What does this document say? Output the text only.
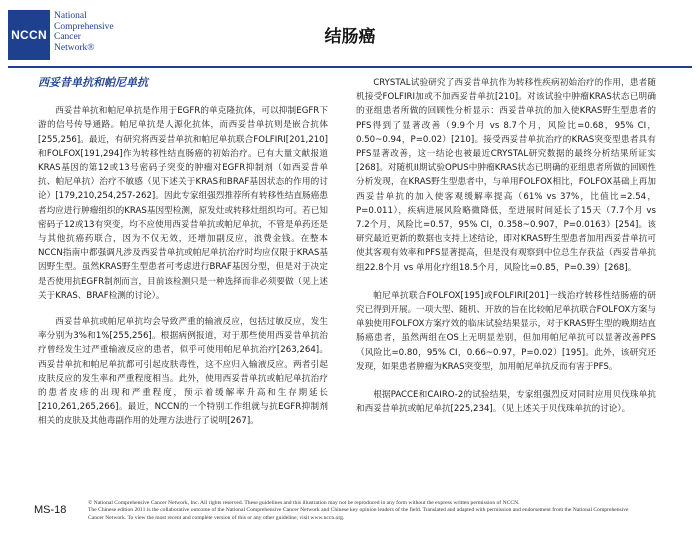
NCCN
National
Comprehensive
Cancer
Network®
结肠癌
西妥昔单抗和帕尼单抗

西妥昔单抗和帕尼单抗是作用于EGFR的单克隆抗体，可以抑制EGFR下游的信号传导通路。帕尼单抗是人源化抗体，而西妥昔单抗则是嵌合抗体[255,256]。最近，有研究将西妥昔单抗和帕尼单抗联合FOLFIRI[201,210]和FOLFOX[191,294]作为转移性结直肠癌的初始治疗。已有大量文献报道KRAS基因的第12或13号密码子突变的肿瘤对EGFR抑制剂（如西妥昔单抗、帕尼单抗）治疗不敏感（见下述关于KRAS和BRAF基因状态的作用的讨论）[179,210,254,257-262]。因此专家组强烈推荐所有转移性结直肠癌患者均应进行肿瘤组织的KRAS基因型检测，原发灶或转移灶组织均可。若已知密码子12或13有突变，均不应使用西妥昔单抗或帕尼单抗，不管是单药还是与其他抗癌药联合，因为不仅无效，还增加副反应，浪费金钱。在整本NCCN指南中都强调凡涉及西妥昔单抗或帕尼单抗治疗时均应仅限于KRAS基因野生型。虽然KRAS野生型患者可考虑进行BRAF基因分型，但是对于决定是否使用抗EGFR制剂而言，目前该检测只是一种选择而非必须要做（见上述关于KRAS、BRAF检测的讨论）。

西妥昔单抗或帕尼单抗均会导致严重的输液反应，包括过敏反应，发生率分别为3%和1%[255,256]。根据病例报道，对于那些使用西妥昔单抗治疗曾经发生过严重输液反应的患者，似乎可使用帕尼单抗治疗[263,264]。西妥昔单抗和帕尼单抗都可引起皮肤毒性，这不应归入输液反应。两者引起皮肤反应的发生率和严重程度相当。此外，使用西妥昔单抗或帕尼单抗治疗的患者皮疹的出现和严重程度，预示着缓解率升高和生存期延长[210,261,265,266]。最近，NCCN的一个特别工作组就与抗EGFR抑制剂相关的皮肤及其他毒副作用的处理方法进行了说明[267]。

CRYSTAL试验研究了西妥昔单抗作为转移性疾病初始治疗的作用，患者随机接受FOLFIRI加或不加西妥昔单抗[210]。对该试验中肿瘤KRAS状态已明确的亚组患者所做的回顾性分析显示：西妥昔单抗的加入使KRAS野生型患者的PFS得到了显著改善（9.9个月 vs 8.7个月，风险比=0.68，95% CI，0.50~0.94，P=0.02）[210]。接受西妥昔单抗治疗的KRAS突变型患者具有PFS显著改善，这一结论也被最近CRYSTAL研究数据的最终分析结果所证实[268]。对随机II期试验OPUS中肿瘤KRAS状态已明确的亚组患者所做的回顾性分析发现，在KRAS野生型患者中，与单用FOLFOX相比，FOLFOX基础上再加西妥昔单抗的加入使客观缓解率提高（61% vs 37%，比值比=2.54，P=0.011），疾病进展风险略微降低，至进展时间延长了15天（7.7个月 vs 7.2个月，风险比=0.57，95% CI，0.358~0.907，P=0.0163）[254]。该研究最近更新的数据也支持上述结论，即对KRAS野生型患者加用西妥昔单抗可使其客观有效率和PFS显著提高，但是没有观察到中位总生存获益（西妥昔单抗组22.8个月 vs 单用化疗组18.5个月，风险比=0.85，P=0.39）[268]。

帕尼单抗联合FOLFOX[195]或FOLFIRI[201]一线治疗转移性结肠癌的研究已得到开展。一项大型、随机、开放的旨在比较帕尼单抗联合FOLFOX方案与单独使用FOLFOX方案疗效的临床试验结果显示，对于KRAS野生型的晚期结直肠癌患者，虽然两组在OS上无明显差别，但加用帕尼单抗可以显著改善PFS（风险比=0.80，95% CI，0.66~0.97，P=0.02）[195]。此外，该研究还发现，如果患者肿瘤为KRAS突变型，加用帕尼单抗反而有害于PFS。

根据PACCE和CAIRO-2的试验结果，专家组强烈反对同时应用贝伐珠单抗和西妥昔单抗或帕尼单抗[225,234]。（见上述关于贝伐珠单抗的讨论）。

MS-18
© National Comprehensive Cancer Network, Inc. All rights reserved. These guidelines and this illustration may not be reproduced in any form without the express written permission of NCCN.
The Chinese edition 2011 is the collaborative outcome of the National Comprehensive Cancer Network and Chinese key opinion leaders of the field. Translated and adapted with permission and endorsement from the National Comprehensive
Cancer Network. To view the most recent and complete version of this or any other guideline, visit www.nccn.org.
